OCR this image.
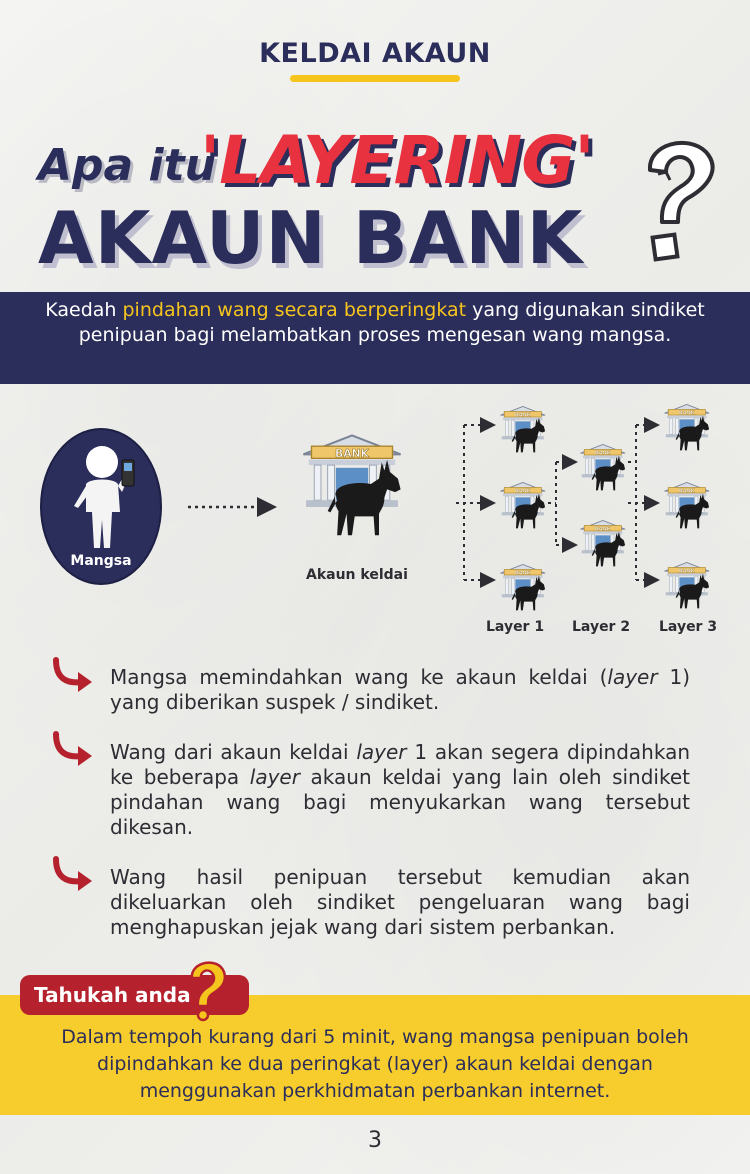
KELDAI AKAUN
Apa itu
'LAYERING'
AKAUN BANK
Kaedah pindahan wang secara berperingkat yang digunakan sindiket penipuan bagi melambatkan proses mengesan wang mangsa.
Mangsa
Akaun keldai
Layer 1 Layer 2 Layer 3
Mangsa memindahkan wang ke akaun keldai (layer 1) yang diberikan suspek / sindiket.
Wang dari akaun keldai layer 1 akan segera dipindahkan ke beberapa layer akaun keldai yang lain oleh sindiket pindahan wang bagi menyukarkan wang tersebut dikesan.
Wang hasil penipuan tersebut kemudian akan dikeluarkan oleh sindiket pengeluaran wang bagi menghapuskan jejak wang dari sistem perbankan.
Tahukah anda
Dalam tempoh kurang dari 5 minit, wang mangsa penipuan boleh dipindahkan ke dua peringkat (layer) akaun keldai dengan menggunakan perkhidmatan perbankan internet.
3
